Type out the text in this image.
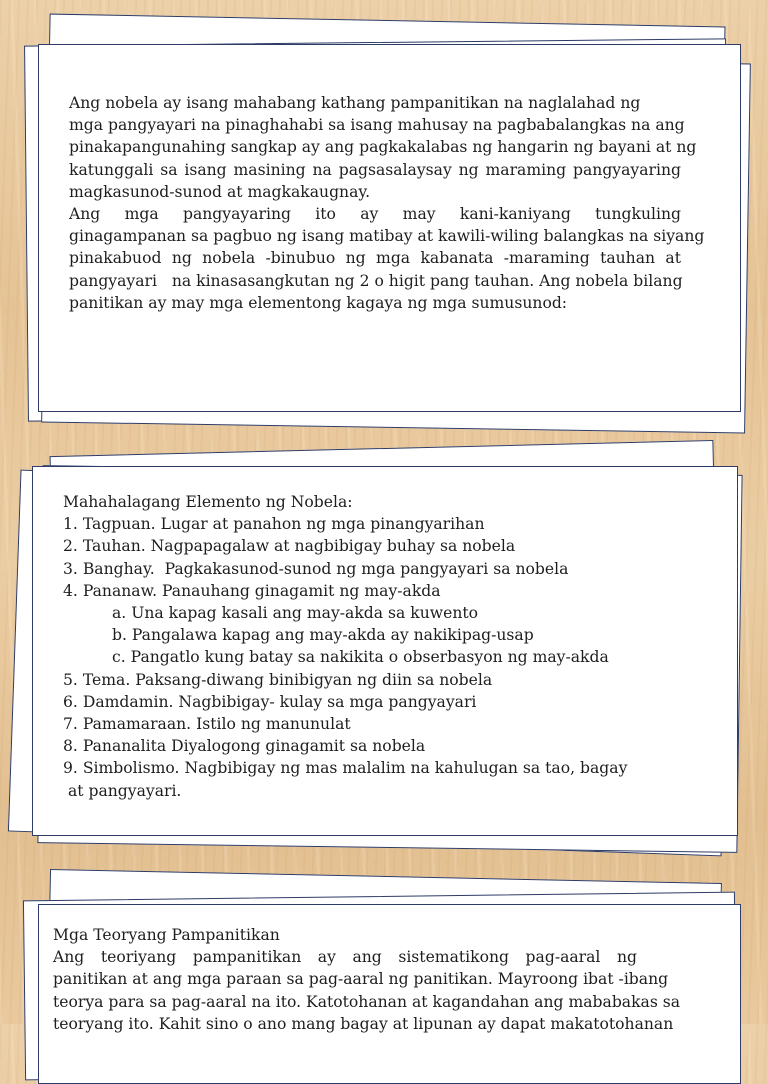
Ang nobela ay isang mahabang kathang pampanitikan na naglalahad ng
mga pangyayari na pinaghahabi sa isang mahusay na pagbabalangkas na ang
pinakapangunahing sangkap ay ang pagkakalabas ng hangarin ng bayani at ng
katunggali sa isang masining na pagsasalaysay ng maraming pangyayaring
magkasunod-sunod at magkakaugnay.
Ang mga pangyayaring ito ay may kani-kaniyang tungkuling
ginagampanan sa pagbuo ng isang matibay at kawili-wiling balangkas na siyang
pinakabuod ng nobela -binubuo ng mga kabanata -maraming tauhan at
pangyayari   na kinasasangkutan ng 2 o higit pang tauhan. Ang nobela bilang
panitikan ay may mga elementong kagaya ng mga sumusunod:
Mahahalagang Elemento ng Nobela:
1. Tagpuan. Lugar at panahon ng mga pinangyarihan
2. Tauhan. Nagpapagalaw at nagbibigay buhay sa nobela
3. Banghay.  Pagkakasunod-sunod ng mga pangyayari sa nobela
4. Pananaw. Panauhang ginagamit ng may-akda
a. Una kapag kasali ang may-akda sa kuwento
b. Pangalawa kapag ang may-akda ay nakikipag-usap
c. Pangatlo kung batay sa nakikita o obserbasyon ng may-akda
5. Tema. Paksang-diwang binibigyan ng diin sa nobela
6. Damdamin. Nagbibigay- kulay sa mga pangyayari
7. Pamamaraan. Istilo ng manunulat
8. Pananalita Diyalogong ginagamit sa nobela
9. Simbolismo. Nagbibigay ng mas malalim na kahulugan sa tao, bagay
at pangyayari.
Mga Teoryang Pampanitikan
Ang teoriyang pampanitikan ay ang sistematikong pag-aaral ng
panitikan at ang mga paraan sa pag-aaral ng panitikan. Mayroong ibat -ibang
teorya para sa pag-aaral na ito. Katotohanan at kagandahan ang mababakas sa
teoryang ito. Kahit sino o ano mang bagay at lipunan ay dapat makatotohanan
